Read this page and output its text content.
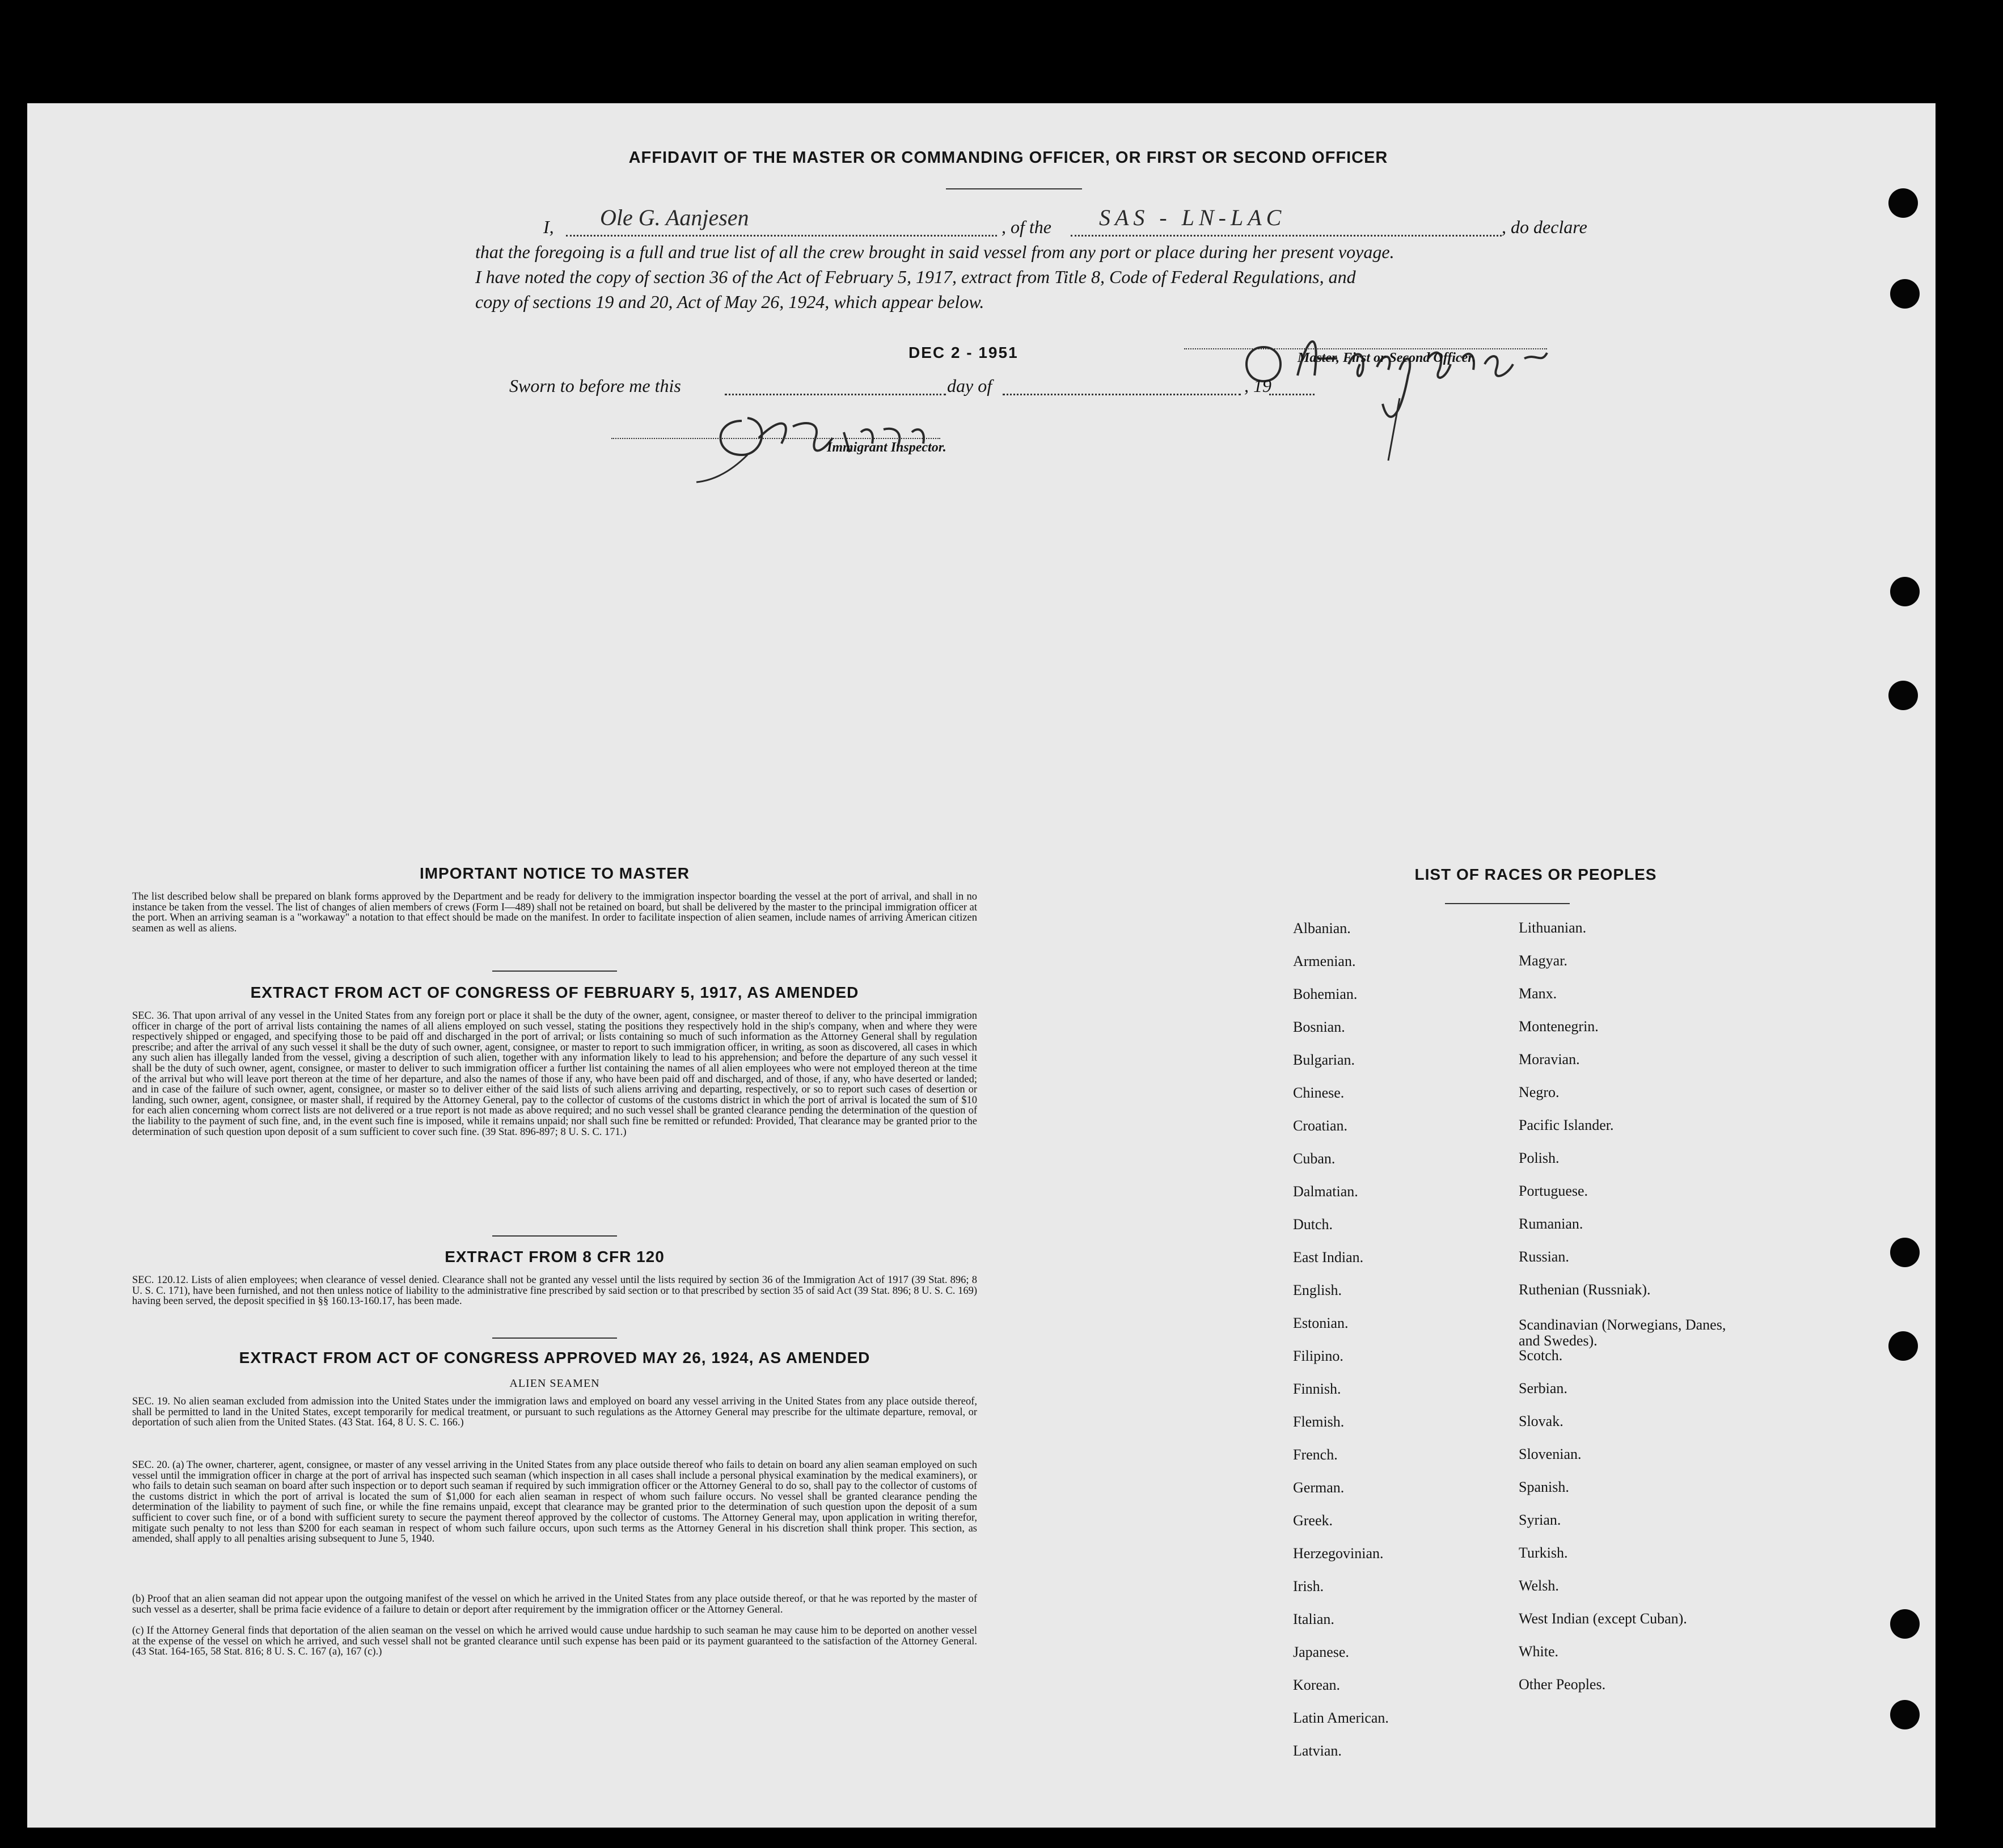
AFFIDAVIT OF THE MASTER OR COMMANDING OFFICER, OR FIRST OR SECOND OFFICER
I, Ole G. Aanjesen	, of the SAS - LN-LAC	, do declare
that the foregoing is a full and true list of all the crew brought in said vessel from any port or place during her present voyage.
I have noted the copy of section 36 of the Act of February 5, 1917, extract from Title 8, Code of Federal Regulations, and
copy of sections 19 and 20, Act of May 26, 1924, which appear below.
DEC 2 - 1951	Master, First or Second Officer.
Sworn to before me this	day of	, 19
Immigrant Inspector.
IMPORTANT NOTICE TO MASTER
The list described below shall be prepared on blank forms approved by the Department and be ready for delivery to the immigration inspector boarding the vessel at the port of arrival, and shall in no instance be taken from the vessel. The list of changes of alien members of crews (Form I—489) shall not be retained on board, but shall be delivered by the master to the principal immigration officer at the port. When an arriving seaman is a "workaway" a notation to that effect should be made on the manifest. In order to facilitate inspection of alien seamen, include names of arriving American citizen seamen as well as aliens.
EXTRACT FROM ACT OF CONGRESS OF FEBRUARY 5, 1917, AS AMENDED
SEC. 36. That upon arrival of any vessel in the United States from any foreign port or place it shall be the duty of the owner, agent, consignee, or master thereof to deliver to the principal immigration officer in charge of the port of arrival lists containing the names of all aliens employed on such vessel, stating the positions they respectively hold in the ship's company, when and where they were respectively shipped or engaged, and specifying those to be paid off and discharged in the port of arrival; or lists containing so much of such information as the Attorney General shall by regulation prescribe; and after the arrival of any such vessel it shall be the duty of such owner, agent, consignee, or master to report to such immigration officer, in writing, as soon as discovered, all cases in which any such alien has illegally landed from the vessel, giving a description of such alien, together with any information likely to lead to his apprehension; and before the departure of any such vessel it shall be the duty of such owner, agent, consignee, or master to deliver to such immigration officer a further list containing the names of all alien employees who were not employed thereon at the time of the arrival but who will leave port thereon at the time of her departure, and also the names of those if any, who have been paid off and discharged, and of those, if any, who have deserted or landed; and in case of the failure of such owner, agent, consignee, or master so to deliver either of the said lists of such aliens arriving and departing, respectively, or so to report such cases of desertion or landing, such owner, agent, consignee, or master shall, if required by the Attorney General, pay to the collector of customs of the customs district in which the port of arrival is located the sum of $10 for each alien concerning whom correct lists are not delivered or a true report is not made as above required; and no such vessel shall be granted clearance pending the determination of the question of the liability to the payment of such fine, and, in the event such fine is imposed, while it remains unpaid; nor shall such fine be remitted or refunded: Provided, That clearance may be granted prior to the determination of such question upon deposit of a sum sufficient to cover such fine. (39 Stat. 896-897; 8 U. S. C. 171.)
EXTRACT FROM 8 CFR 120
SEC. 120.12. Lists of alien employees; when clearance of vessel denied. Clearance shall not be granted any vessel until the lists required by section 36 of the Immigration Act of 1917 (39 Stat. 896; 8 U. S. C. 171), have been furnished, and not then unless notice of liability to the administrative fine prescribed by said section or to that prescribed by section 35 of said Act (39 Stat. 896; 8 U. S. C. 169) having been served, the deposit specified in §§ 160.13-160.17, has been made.
EXTRACT FROM ACT OF CONGRESS APPROVED MAY 26, 1924, AS AMENDED
ALIEN SEAMEN
SEC. 19. No alien seaman excluded from admission into the United States under the immigration laws and employed on board any vessel arriving in the United States from any place outside thereof, shall be permitted to land in the United States, except temporarily for medical treatment, or pursuant to such regulations as the Attorney General may prescribe for the ultimate departure, removal, or deportation of such alien from the United States. (43 Stat. 164, 8 U. S. C. 166.)
SEC. 20. (a) The owner, charterer, agent, consignee, or master of any vessel arriving in the United States from any place outside thereof who fails to detain on board any alien seaman employed on such vessel until the immigration officer in charge at the port of arrival has inspected such seaman (which inspection in all cases shall include a personal physical examination by the medical examiners), or who fails to detain such seaman on board after such inspection or to deport such seaman if required by such immigration officer or the Attorney General to do so, shall pay to the collector of customs of the customs district in which the port of arrival is located the sum of $1,000 for each alien seaman in respect of whom such failure occurs. No vessel shall be granted clearance pending the determination of the liability to payment of such fine, or while the fine remains unpaid, except that clearance may be granted prior to the determination of such question upon the deposit of a sum sufficient to cover such fine, or of a bond with sufficient surety to secure the payment thereof approved by the collector of customs. The Attorney General may, upon application in writing therefor, mitigate such penalty to not less than $200 for each seaman in respect of whom such failure occurs, upon such terms as the Attorney General in his discretion shall think proper. This section, as amended, shall apply to all penalties arising subsequent to June 5, 1940.
(b) Proof that an alien seaman did not appear upon the outgoing manifest of the vessel on which he arrived in the United States from any place outside thereof, or that he was reported by the master of such vessel as a deserter, shall be prima facie evidence of a failure to detain or deport after requirement by the immigration officer or the Attorney General.
(c) If the Attorney General finds that deportation of the alien seaman on the vessel on which he arrived would cause undue hardship to such seaman he may cause him to be deported on another vessel at the expense of the vessel on which he arrived, and such vessel shall not be granted clearance until such expense has been paid or its payment guaranteed to the satisfaction of the Attorney General. (43 Stat. 164-165, 58 Stat. 816; 8 U. S. C. 167 (a), 167 (c).)
LIST OF RACES OR PEOPLES
Albanian.
Armenian.
Bohemian.
Bosnian.
Bulgarian.
Chinese.
Croatian.
Cuban.
Dalmatian.
Dutch.
East Indian.
English.
Estonian.
Filipino.
Finnish.
Flemish.
French.
German.
Greek.
Herzegovinian.
Irish.
Italian.
Japanese.
Korean.
Latin American.
Latvian.
Lithuanian.
Magyar.
Manx.
Montenegrin.
Moravian.
Negro.
Pacific Islander.
Polish.
Portuguese.
Rumanian.
Russian.
Ruthenian (Russniak).
Scandinavian (Norwegians, Danes, and Swedes).
Scotch.
Serbian.
Slovak.
Slovenian.
Spanish.
Syrian.
Turkish.
Welsh.
West Indian (except Cuban).
White.
Other Peoples.
